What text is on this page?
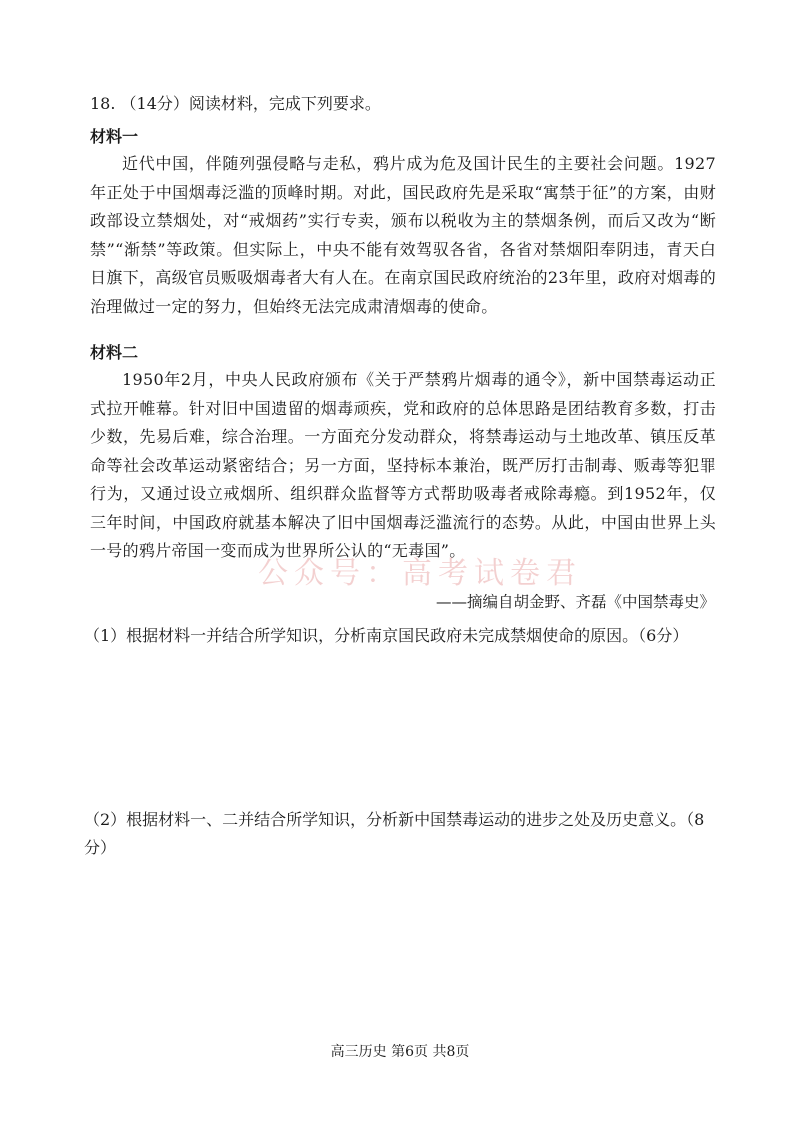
18. （14分）阅读材料，完成下列要求。
材料一
近代中国，伴随列强侵略与走私，鸦片成为危及国计民生的主要社会问题。1927年正处于中国烟毒泛滥的顶峰时期。对此，国民政府先是采取“寓禁于征”的方案，由财政部设立禁烟处，对“戒烟药”实行专卖，颁布以税收为主的禁烟条例，而后又改为“断禁”“渐禁”等政策。但实际上，中央不能有效驾驭各省，各省对禁烟阳奉阴违，青天白日旗下，高级官员贩吸烟毒者大有人在。在南京国民政府统治的23年里，政府对烟毒的治理做过一定的努力，但始终无法完成肃清烟毒的使命。
材料二
1950年2月，中央人民政府颁布《关于严禁鸦片烟毒的通令》，新中国禁毒运动正式拉开帷幕。针对旧中国遗留的烟毒顽疾，党和政府的总体思路是团结教育多数，打击少数，先易后难，综合治理。一方面充分发动群众，将禁毒运动与土地改革、镇压反革命等社会改革运动紧密结合；另一方面，坚持标本兼治，既严厉打击制毒、贩毒等犯罪行为，又通过设立戒烟所、组织群众监督等方式帮助吸毒者戒除毒瘾。到1952年，仅三年时间，中国政府就基本解决了旧中国烟毒泛滥流行的态势。从此，中国由世界上头一号的鸦片帝国一变而成为世界所公认的“无毒国”。
公众号：高考试卷君
——摘编自胡金野、齐磊《中国禁毒史》
（1）根据材料一并结合所学知识，分析南京国民政府未完成禁烟使命的原因。（6分）
（2）根据材料一、二并结合所学知识，分析新中国禁毒运动的进步之处及历史意义。（8分）
高三历史 第6页 共8页
